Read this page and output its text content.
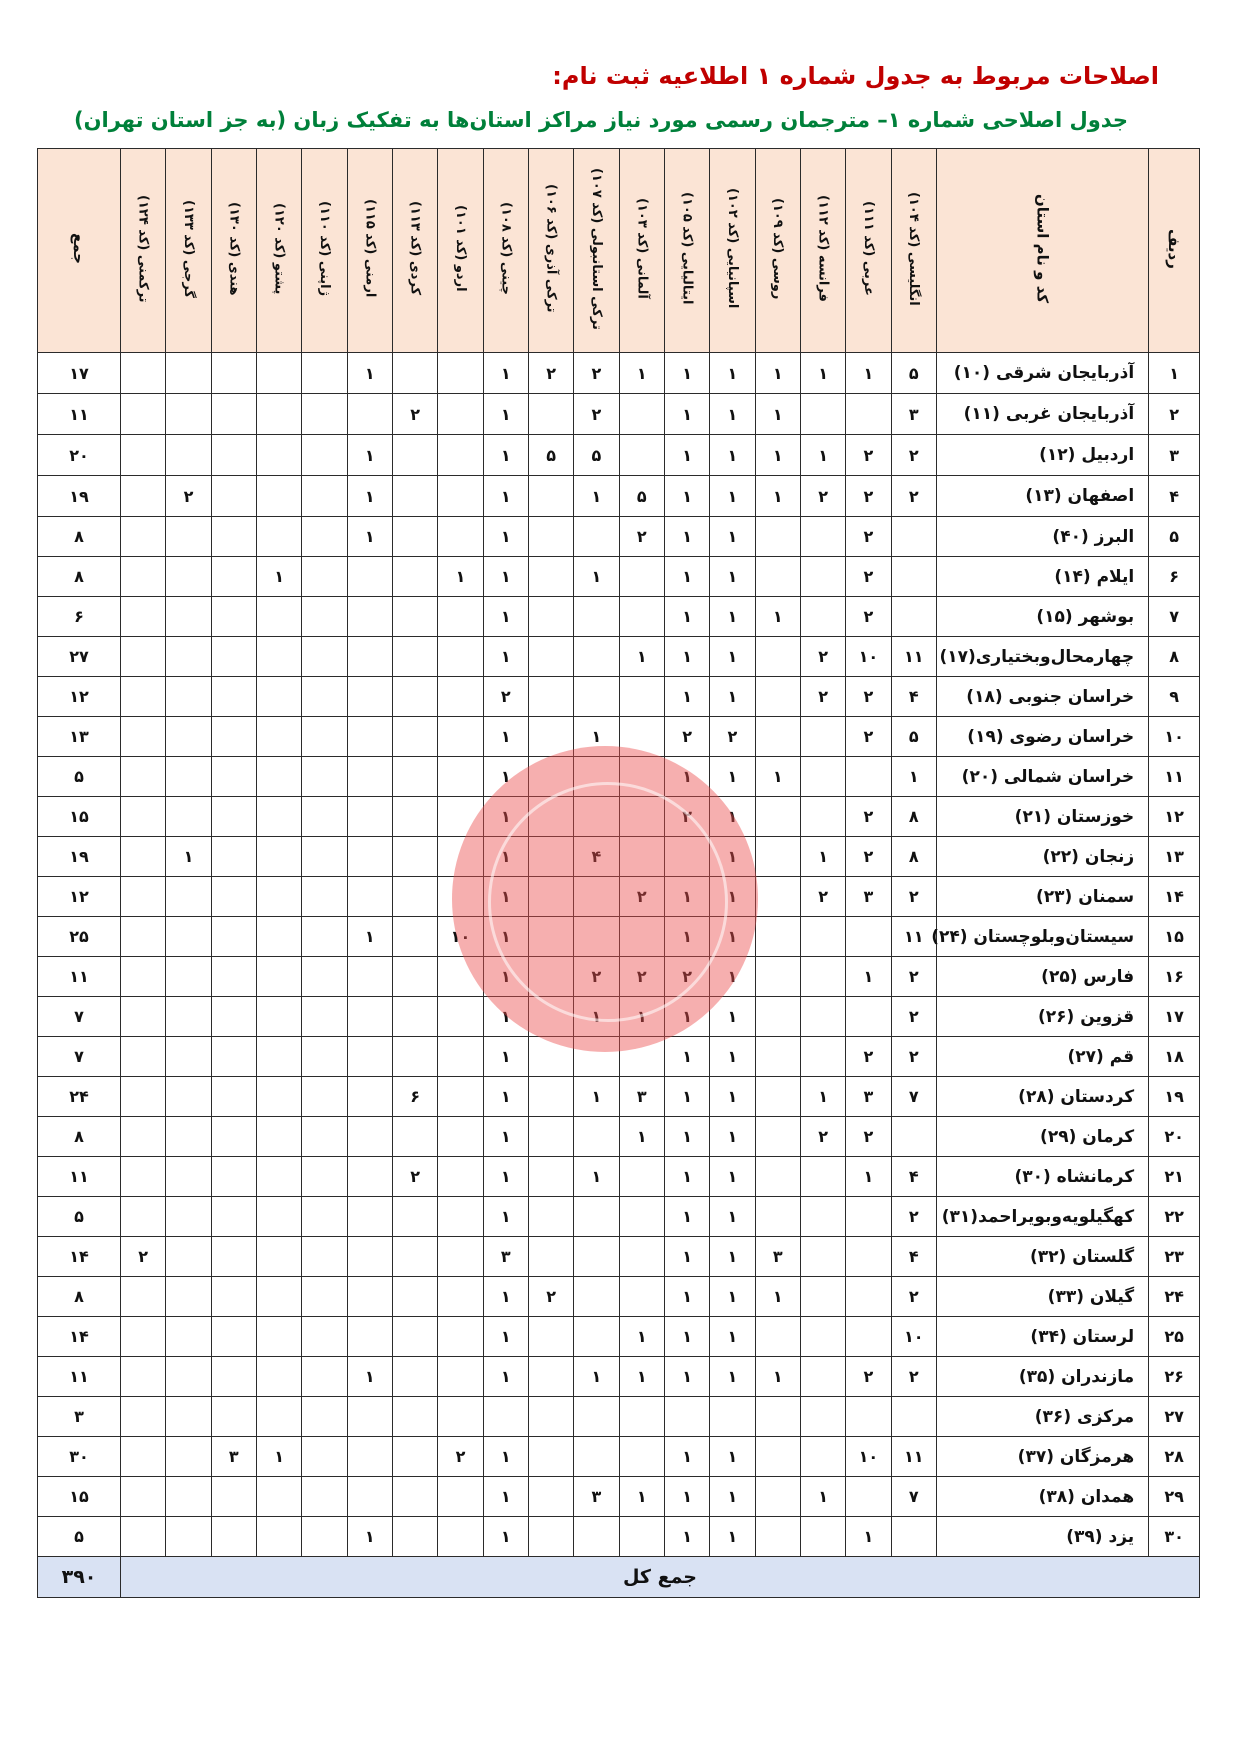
اصلاحات مربوط به جدول شماره ۱ اطلاعیه ثبت نام:
جدول اصلاحی شماره ۱– مترجمان رسمی مورد نیاز مراکز استان‌ها به تفکیک زبان (به جز استان تهران)
ردیف	کد و نام استان	انگلیسی (کد ۱۰۴)	عربی (کد ۱۱۱)	فرانسه (کد ۱۱۲)	روسی (کد ۱۰۹)	اسپانیایی (کد ۱۰۲)	ایتالیایی (کد ۱۰۵)	آلمانی (کد ۱۰۳)	ترکی استانبولی (کد ۱۰۷)	ترکی آذری (کد ۱۰۶)	چینی (کد ۱۰۸)	اردو (کد ۱۰۱)	کردی (کد ۱۱۳)	ارمنی (کد ۱۱۵)	ژاپنی (کد ۱۱۰)	پشتو (کد ۱۲۰)	هندی (کد ۱۳۰)	گرجی (کد ۱۳۳)	ترکمنی (کد ۱۲۴)	جمع
۱	آذربایجان شرقی (۱۰)	۵	۱	۱	۱	۱	۱	۱	۲	۲	۱			۱						۱۷
۲	آذربایجان غربی (۱۱)	۳			۱	۱	۱		۲		۱		۲							۱۱
۳	اردبیل (۱۲)	۲	۲	۱	۱	۱	۱		۵	۵	۱			۱						۲۰
۴	اصفهان (۱۳)	۲	۲	۲	۱	۱	۱	۵	۱		۱			۱				۲		۱۹
۵	البرز (۴۰)		۲			۱	۱	۲			۱			۱						۸
۶	ایلام (۱۴)		۲			۱	۱		۱		۱	۱				۱				۸
۷	بوشهر (۱۵)		۲		۱	۱	۱				۱									۶
۸	چهارمحال‌وبختیاری(۱۷)	۱۱	۱۰	۲		۱	۱	۱			۱									۲۷
۹	خراسان جنوبی (۱۸)	۴	۲	۲		۱	۱				۲									۱۲
۱۰	خراسان رضوی (۱۹)	۵	۲			۲	۲		۱		۱									۱۳
۱۱	خراسان شمالی (۲۰)	۱			۱	۱	۱				۱									۵
۱۲	خوزستان (۲۱)	۸	۲			۱	۲				۱									۱۵
۱۳	زنجان (۲۲)	۸	۲	۱		۱			۴		۱							۱		۱۹
۱۴	سمنان (۲۳)	۲	۳	۲		۱	۱	۲			۱									۱۲
۱۵	سیستان‌وبلوچستان (۲۴)	۱۱				۱	۱				۱	۱۰		۱						۲۵
۱۶	فارس (۲۵)	۲	۱			۱	۲	۲	۲		۱									۱۱
۱۷	قزوین (۲۶)	۲				۱	۱	۱	۱		۱									۷
۱۸	قم (۲۷)	۲	۲			۱	۱				۱									۷
۱۹	کردستان (۲۸)	۷	۳	۱		۱	۱	۳	۱		۱		۶							۲۴
۲۰	کرمان (۲۹)		۲	۲		۱	۱	۱			۱									۸
۲۱	کرمانشاه (۳۰)	۴	۱			۱	۱		۱		۱		۲							۱۱
۲۲	کهگیلویه‌وبویراحمد(۳۱)	۲				۱	۱				۱									۵
۲۳	گلستان (۳۲)	۴			۳	۱	۱				۳								۲	۱۴
۲۴	گیلان (۳۳)	۲			۱	۱	۱			۲	۱									۸
۲۵	لرستان (۳۴)	۱۰				۱	۱	۱			۱									۱۴
۲۶	مازندران (۳۵)	۲	۲		۱	۱	۱	۱	۱		۱			۱						۱۱
۲۷	مرکزی (۳۶)																			۳
۲۸	هرمزگان (۳۷)	۱۱	۱۰			۱	۱				۱	۲				۱	۳			۳۰
۲۹	همدان (۳۸)	۷		۱		۱	۱	۱	۳		۱									۱۵
۳۰	یزد (۳۹)		۱			۱	۱				۱			۱						۵
جمع کل																				۳۹۰
